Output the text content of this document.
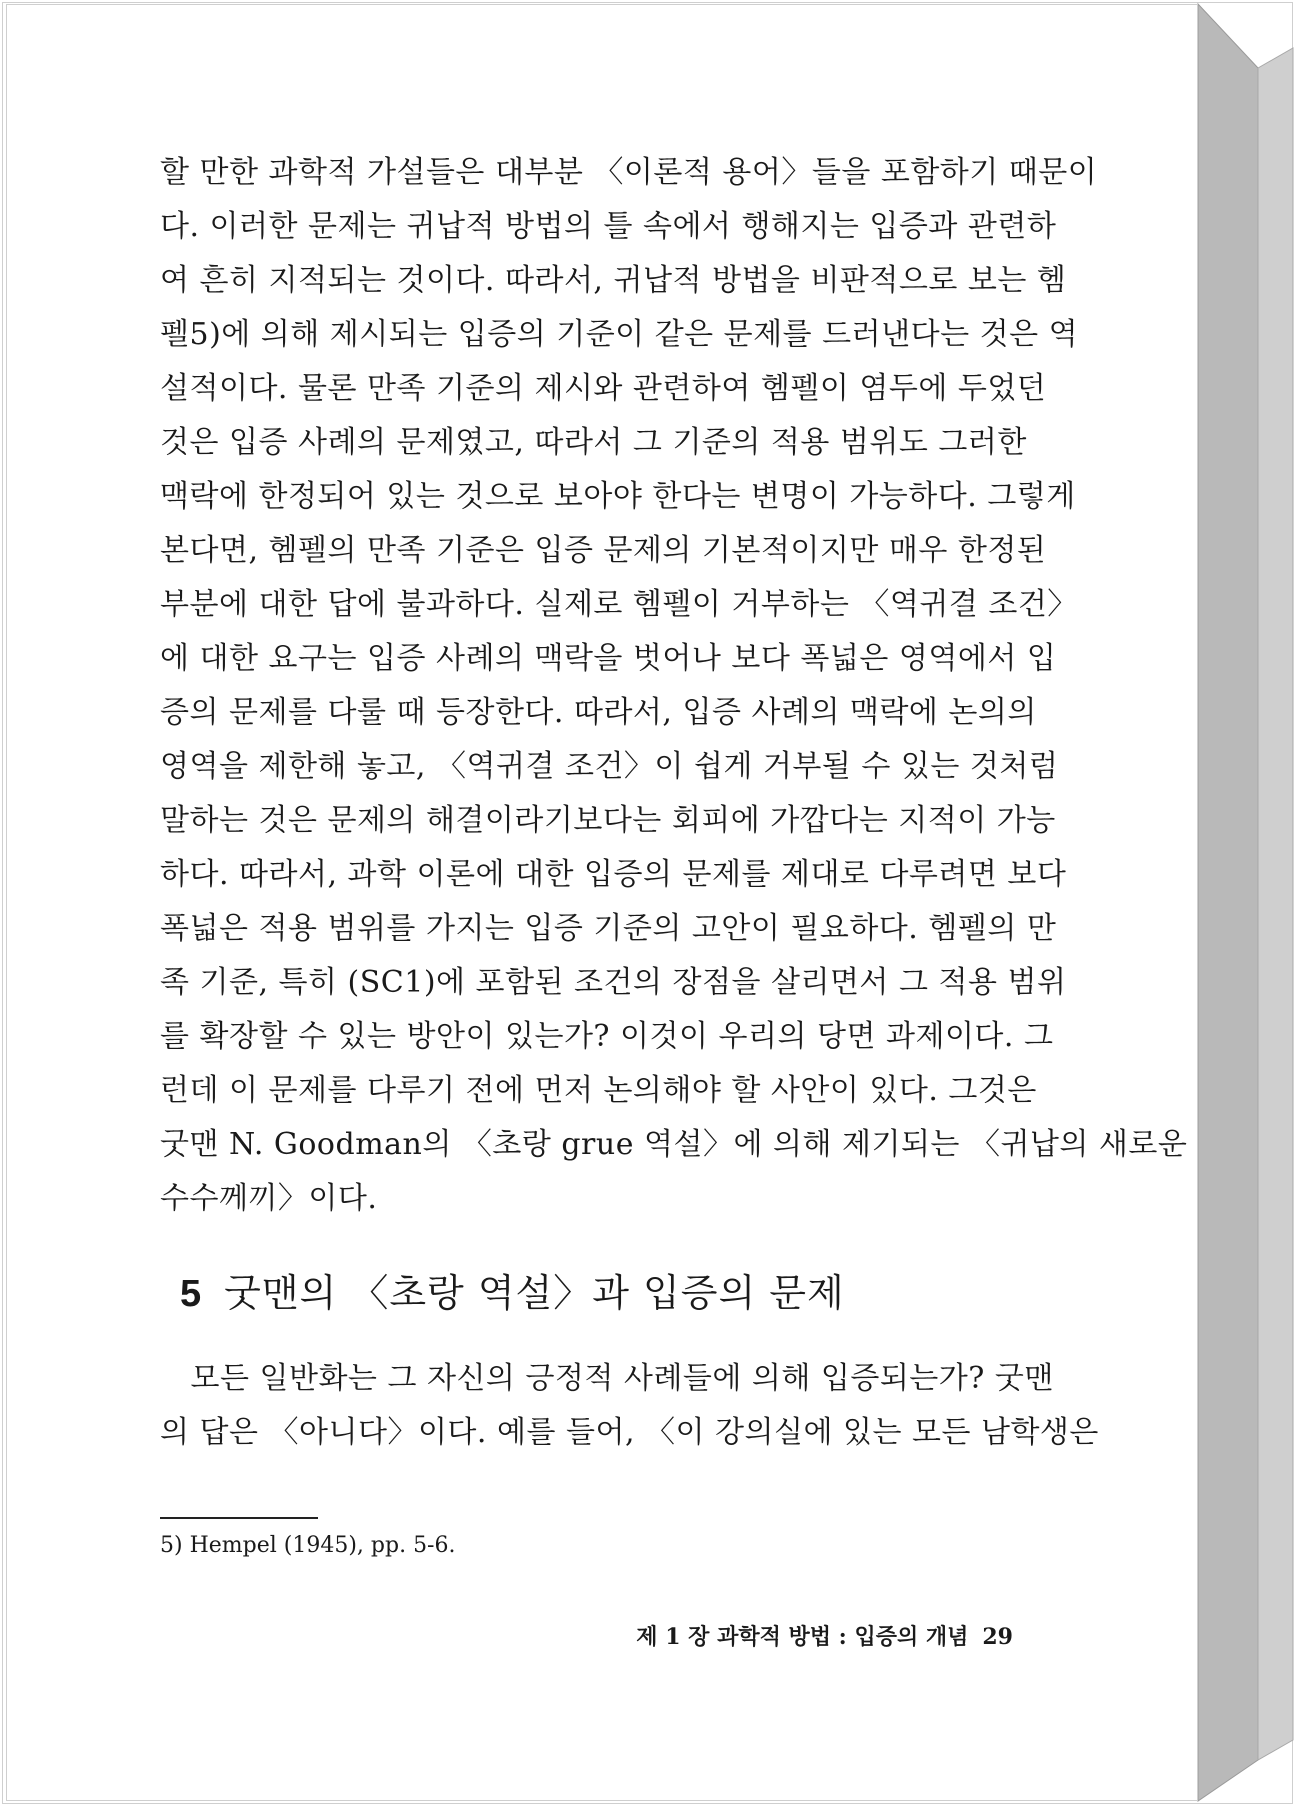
할 만한 과학적 가설들은 대부분 〈이론적 용어〉들을 포함하기 때문이
다. 이러한 문제는 귀납적 방법의 틀 속에서 행해지는 입증과 관련하
여 흔히 지적되는 것이다. 따라서, 귀납적 방법을 비판적으로 보는 헴
펠5)에 의해 제시되는 입증의 기준이 같은 문제를 드러낸다는 것은 역
설적이다. 물론 만족 기준의 제시와 관련하여 헴펠이 염두에 두었던
것은 입증 사례의 문제였고, 따라서 그 기준의 적용 범위도 그러한
맥락에 한정되어 있는 것으로 보아야 한다는 변명이 가능하다. 그렇게
본다면, 헴펠의 만족 기준은 입증 문제의 기본적이지만 매우 한정된
부분에 대한 답에 불과하다. 실제로 헴펠이 거부하는 〈역귀결 조건〉
에 대한 요구는 입증 사례의 맥락을 벗어나 보다 폭넓은 영역에서 입
증의 문제를 다룰 때 등장한다. 따라서, 입증 사례의 맥락에 논의의
영역을 제한해 놓고, 〈역귀결 조건〉이 쉽게 거부될 수 있는 것처럼
말하는 것은 문제의 해결이라기보다는 회피에 가깝다는 지적이 가능
하다. 따라서, 과학 이론에 대한 입증의 문제를 제대로 다루려면 보다
폭넓은 적용 범위를 가지는 입증 기준의 고안이 필요하다. 헴펠의 만
족 기준, 특히 (SC1)에 포함된 조건의 장점을 살리면서 그 적용 범위
를 확장할 수 있는 방안이 있는가? 이것이 우리의 당면 과제이다. 그
런데 이 문제를 다루기 전에 먼저 논의해야 할 사안이 있다. 그것은
굿맨 N. Goodman의 〈초랑 grue 역설〉에 의해 제기되는 〈귀납의 새로운
수수께끼〉이다.
5 굿맨의 〈초랑 역설〉과 입증의 문제
　모든 일반화는 그 자신의 긍정적 사례들에 의해 입증되는가? 굿맨
의 답은 〈아니다〉이다. 예를 들어, 〈이 강의실에 있는 모든 남학생은

5) Hempel (1945), pp. 5-6.

제 1 장 과학적 방법 : 입증의 개념 29
